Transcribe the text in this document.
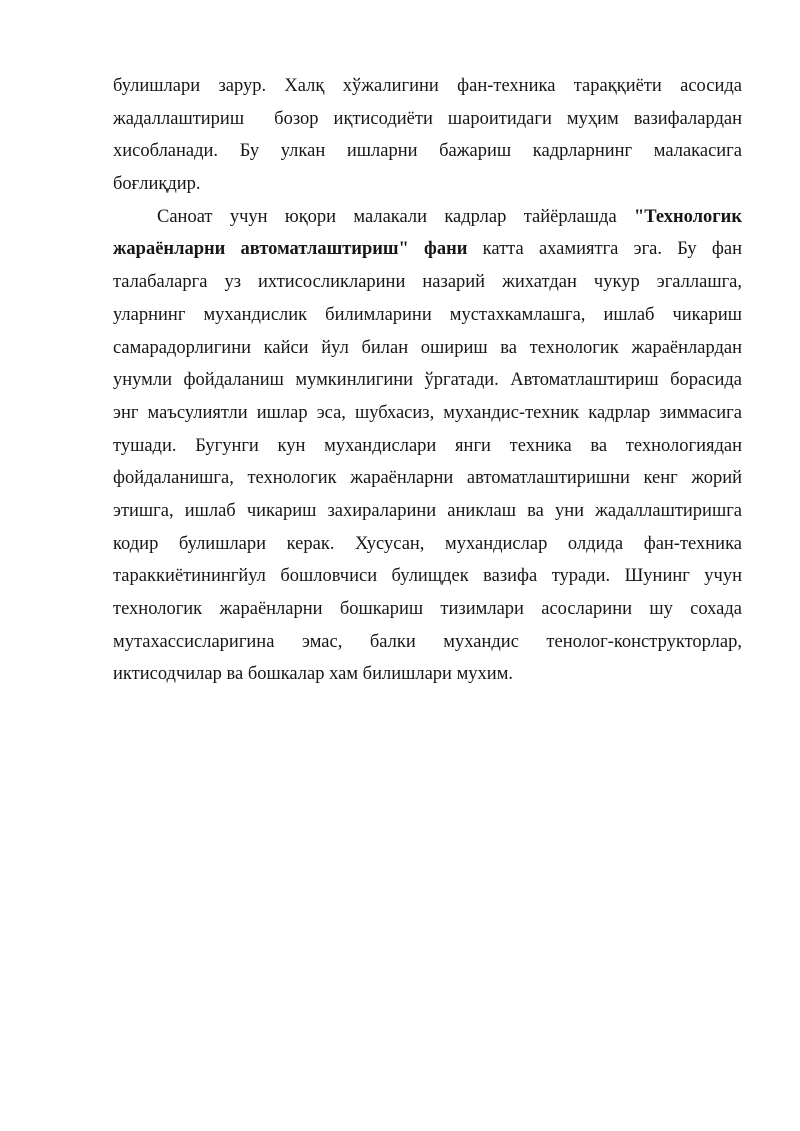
булишлари зарур. Халқ хўжалигини фан-техника тараққиёти асосида
жадаллаштириш  бозор иқтисодиёти шароитидаги муҳим вазифалардан
хисобланади. Бу улкан ишларни бажариш кадрларнинг малакасига
боғлиқдир.
Саноат учун юқори малакали кадрлар тайёрлашда "Технологик
жараёнларни автоматлаштириш" фани катта ахамиятга эга. Бу фан
талабаларга уз ихтисосликларини назарий жихатдан чукур эгаллашга,
уларнинг мухандислик билимларини мустахкамлашга, ишлаб чикариш
самарадорлигини кайси йул билан ошириш ва технологик жараёнлардан
унумли фойдаланиш мумкинлигини ўргатади. Автоматлаштириш борасида
энг маъсулиятли ишлар эса, шубхасиз, мухандис-техник кадрлар зиммасига
тушади. Бугунги кун мухандислари янги техника ва технологиядан
фойдаланишга, технологик жараёнларни автоматлаштиришни кенг жорий
этишга, ишлаб чикариш захираларини аниклаш ва уни жадаллаштиришга
кодир булишлари керак. Хусусан, мухандислар олдида фан-техника
тараккиётинингйул бошловчиси булищдек вазифа туради. Шунинг учун
технологик жараёнларни бошкариш тизимлари асосларини шу сохада
мутахассисларигина эмас, балки мухандис тенолог-конструкторлар,
иктисодчилар ва бошкалар хам билишлари мухим.
